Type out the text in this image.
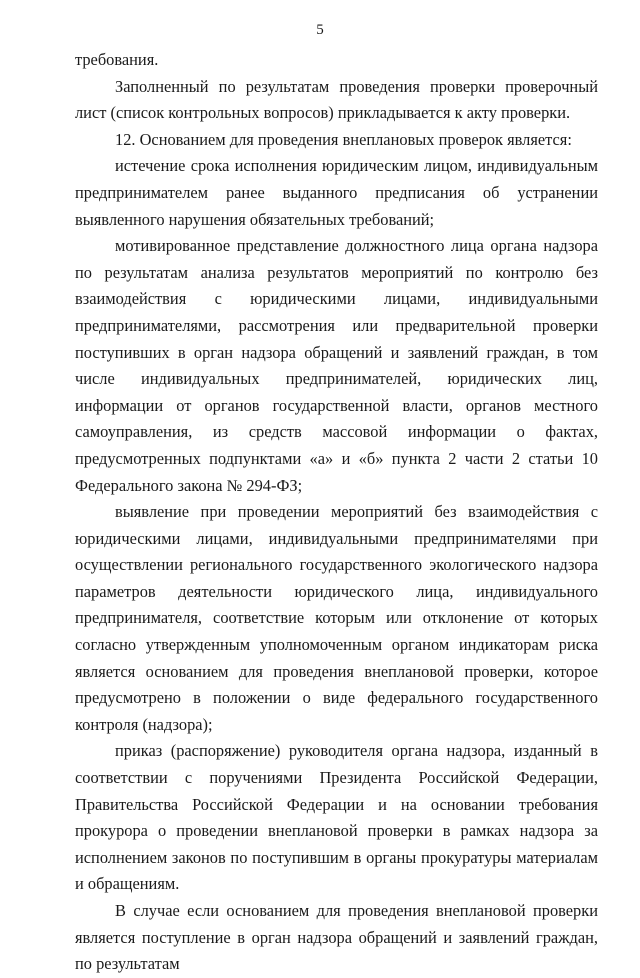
5

требования.

Заполненный по результатам проведения проверки проверочный лист (список контрольных вопросов) прикладывается к акту проверки.

12. Основанием для проведения внеплановых проверок является:

истечение срока исполнения юридическим лицом, индивидуальным предпринимателем ранее выданного предписания об устранении выявленного нарушения обязательных требований;

мотивированное представление должностного лица органа надзора по результатам анализа результатов мероприятий по контролю без взаимодействия с юридическими лицами, индивидуальными предпринимателями, рассмотрения или предварительной проверки поступивших в орган надзора обращений и заявлений граждан, в том числе индивидуальных предпринимателей, юридических лиц, информации от органов государственной власти, органов местного самоуправления, из средств массовой информации о фактах, предусмотренных подпунктами «а» и «б» пункта 2 части 2 статьи 10 Федерального закона № 294-ФЗ;

выявление при проведении мероприятий без взаимодействия с юридическими лицами, индивидуальными предпринимателями при осуществлении регионального государственного экологического надзора параметров деятельности юридического лица, индивидуального предпринимателя, соответствие которым или отклонение от которых согласно утвержденным уполномоченным органом индикаторам риска является основанием для проведения внеплановой проверки, которое предусмотрено в положении о виде федерального государственного контроля (надзора);

приказ (распоряжение) руководителя органа надзора, изданный в соответствии с поручениями Президента Российской Федерации, Правительства Российской Федерации и на основании требования прокурора о проведении внеплановой проверки в рамках надзора за исполнением законов по поступившим в органы прокуратуры материалам и обращениям.

В случае если основанием для проведения внеплановой проверки является поступление в орган надзора обращений и заявлений граждан, по результатам
